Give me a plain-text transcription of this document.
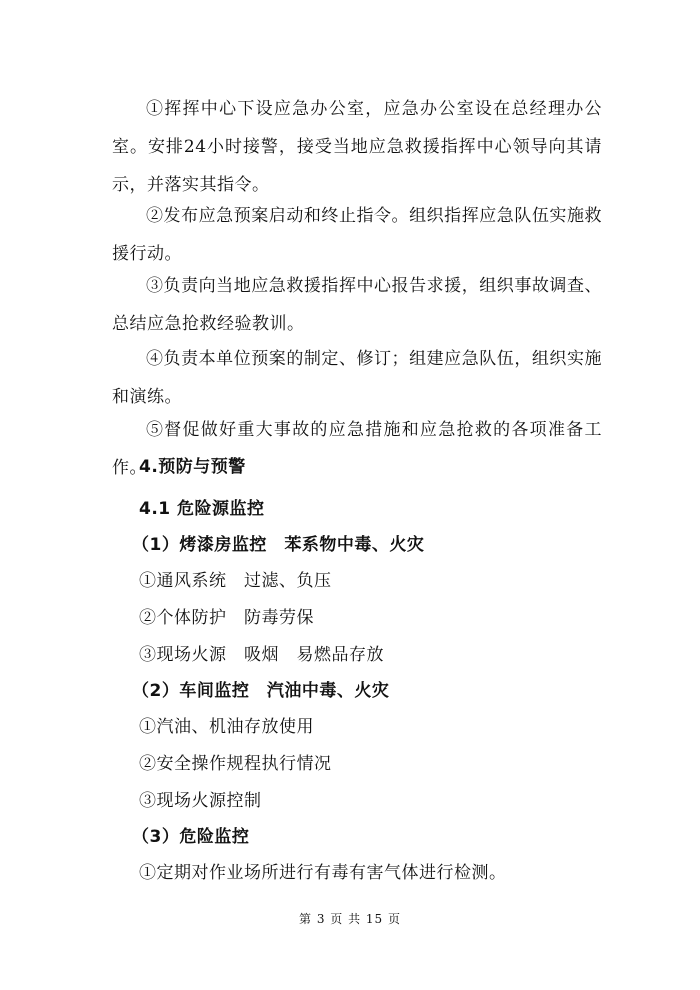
①挥挥中心下设应急办公室，应急办公室设在总经理办公室。安排24小时接警，接受当地应急救援指挥中心领导向其请示，并落实其指令。

②发布应急预案启动和终止指令。组织指挥应急队伍实施救援行动。

③负责向当地应急救援指挥中心报告求援，组织事故调查、总结应急抢救经验教训。

④负责本单位预案的制定、修订；组建应急队伍，组织实施和演练。

⑤督促做好重大事故的应急措施和应急抢救的各项准备工作。

4.预防与预警

4.1 危险源监控

（1）烤漆房监控　苯系物中毒、火灾

①通风系统　过滤、负压

②个体防护　防毒劳保

③现场火源　吸烟　易燃品存放

（2）车间监控　汽油中毒、火灾

①汽油、机油存放使用

②安全操作规程执行情况

③现场火源控制

（3）危险监控

①定期对作业场所进行有毒有害气体进行检测。

第 3 页 共 15 页
